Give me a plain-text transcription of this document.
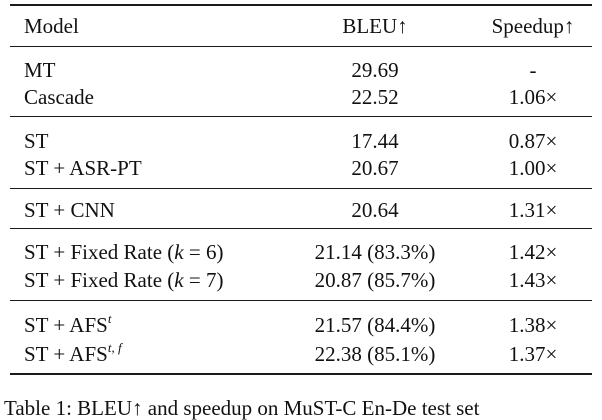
Model	BLEU↑	Speedup↑
MT	29.69	-
Cascade	22.52	1.06×
ST	17.44	0.87×
ST + ASR-PT	20.67	1.00×
ST + CNN	20.64	1.31×
ST + Fixed Rate (k = 6)	21.14 (83.3%)	1.42×
ST + Fixed Rate (k = 7)	20.87 (85.7%)	1.43×
ST + $AFS^t$	21.57 (84.4%)	1.38×
ST + AFS$^{t, f}$	22.38 (85.1%)	1.37×
Table 1: BLEU↑ and speedup on MuST-C En-De test set
